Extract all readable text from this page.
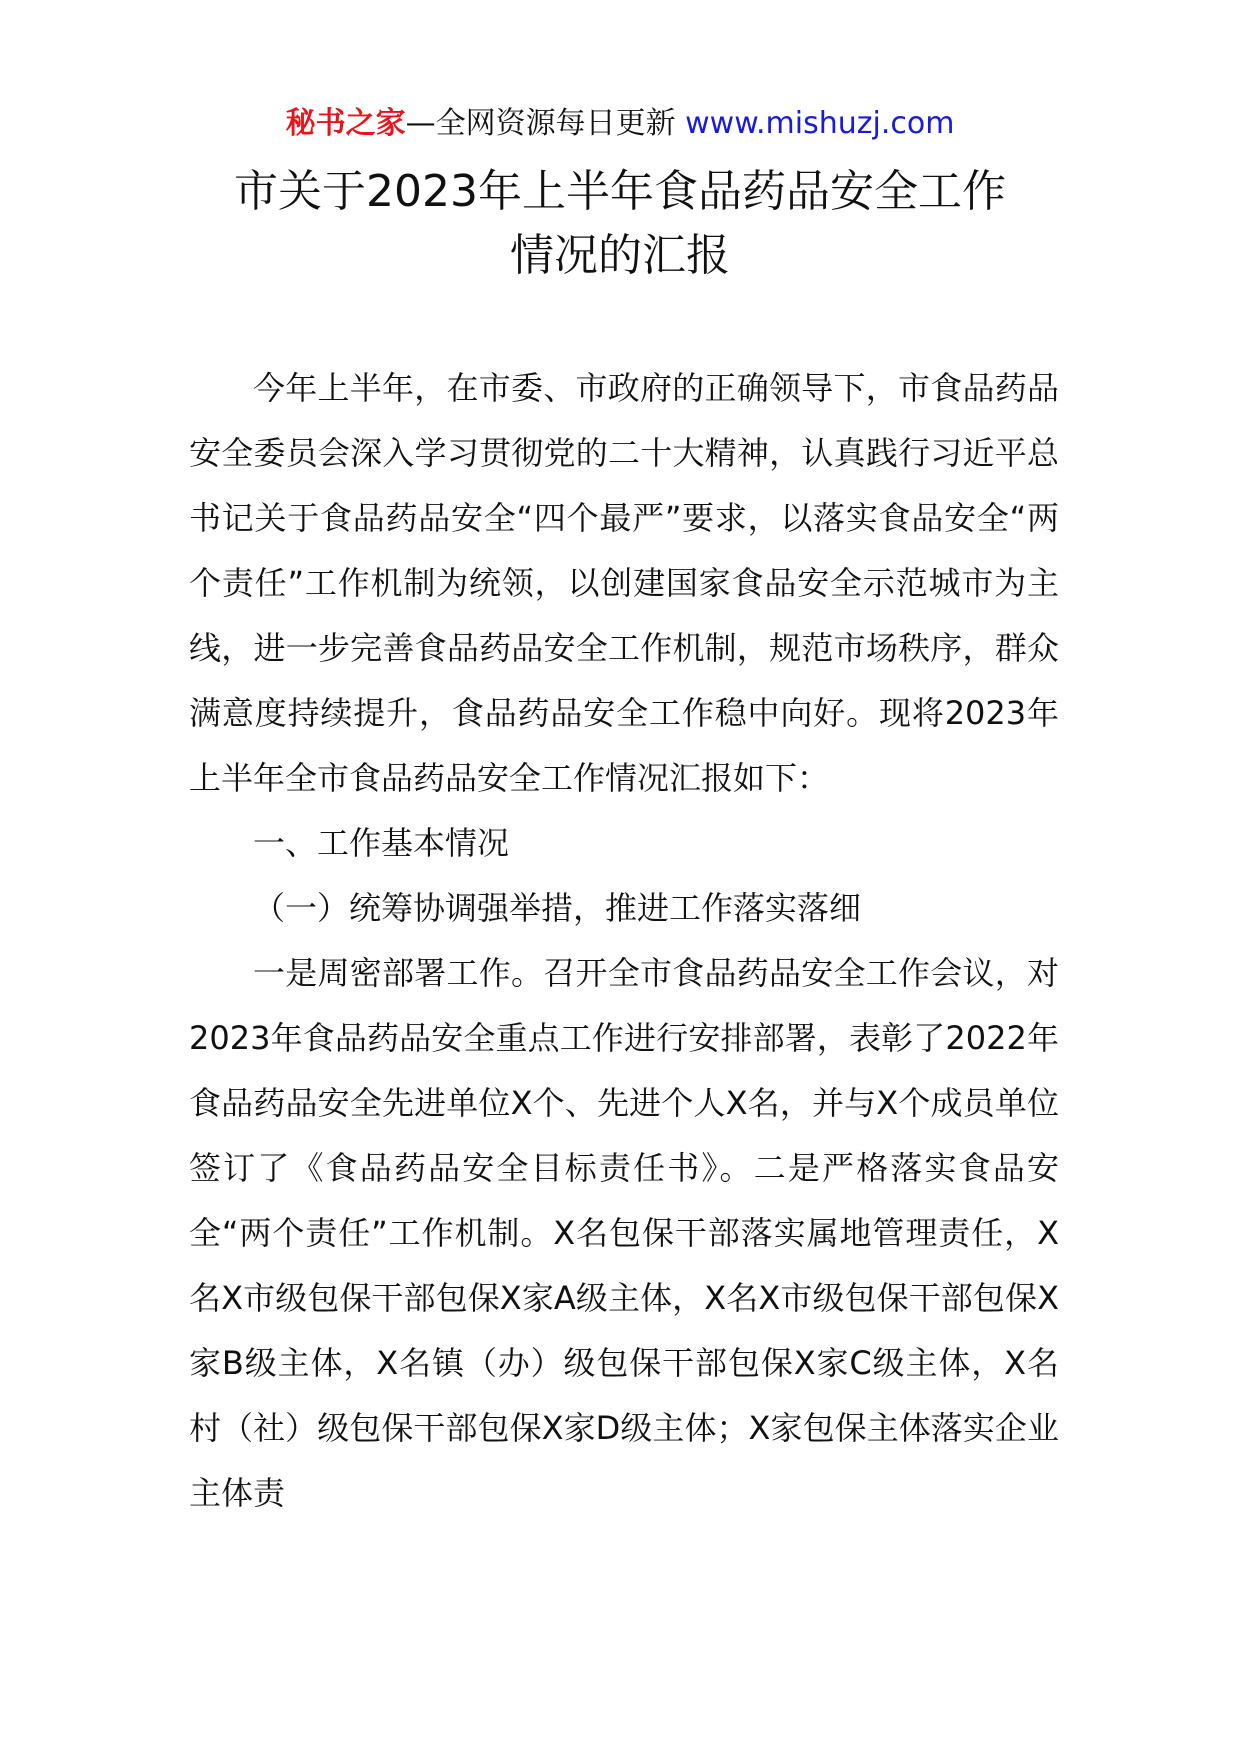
秘书之家—全网资源每日更新 www.mishuzj.com
市关于2023年上半年食品药品安全工作
情况的汇报

今年上半年，在市委、市政府的正确领导下，市食品药品安全委员会深入学习贯彻党的二十大精神，认真践行习近平总书记关于食品药品安全“四个最严”要求，以落实食品安全“两个责任”工作机制为统领，以创建国家食品安全示范城市为主线，进一步完善食品药品安全工作机制，规范市场秩序，群众满意度持续提升，食品药品安全工作稳中向好。现将2023年上半年全市食品药品安全工作情况汇报如下：

一、工作基本情况

（一）统筹协调强举措，推进工作落实落细

一是周密部署工作。召开全市食品药品安全工作会议，对2023年食品药品安全重点工作进行安排部署，表彰了2022年食品药品安全先进单位X个、先进个人X名，并与X个成员单位签订了《食品药品安全目标责任书》。二是严格落实食品安全“两个责任”工作机制。X名包保干部落实属地管理责任，X名X市级包保干部包保X家A级主体，X名X市级包保干部包保X家B级主体，X名镇（办）级包保干部包保X家C级主体，X名村（社）级包保干部包保X家D级主体；X家包保主体落实企业主体责
